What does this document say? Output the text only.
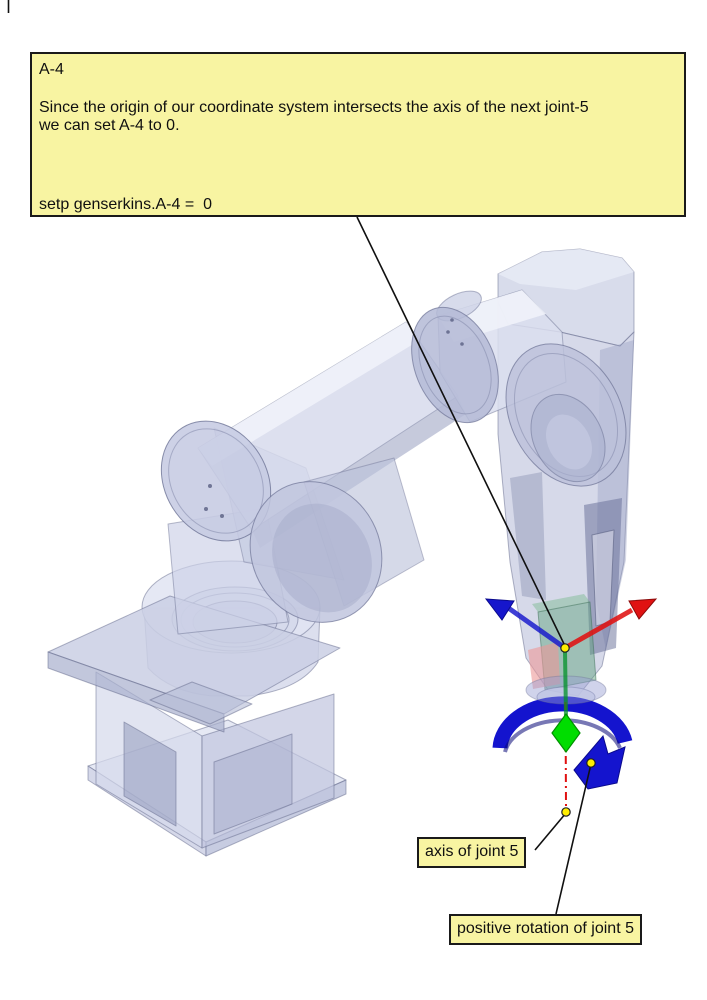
A-4
Since the origin of our coordinate system intersects the axis of the next joint-5
we can set A-4 to 0.
setp genserkins.A-4 =  0
axis of joint 5
positive rotation of joint 5
